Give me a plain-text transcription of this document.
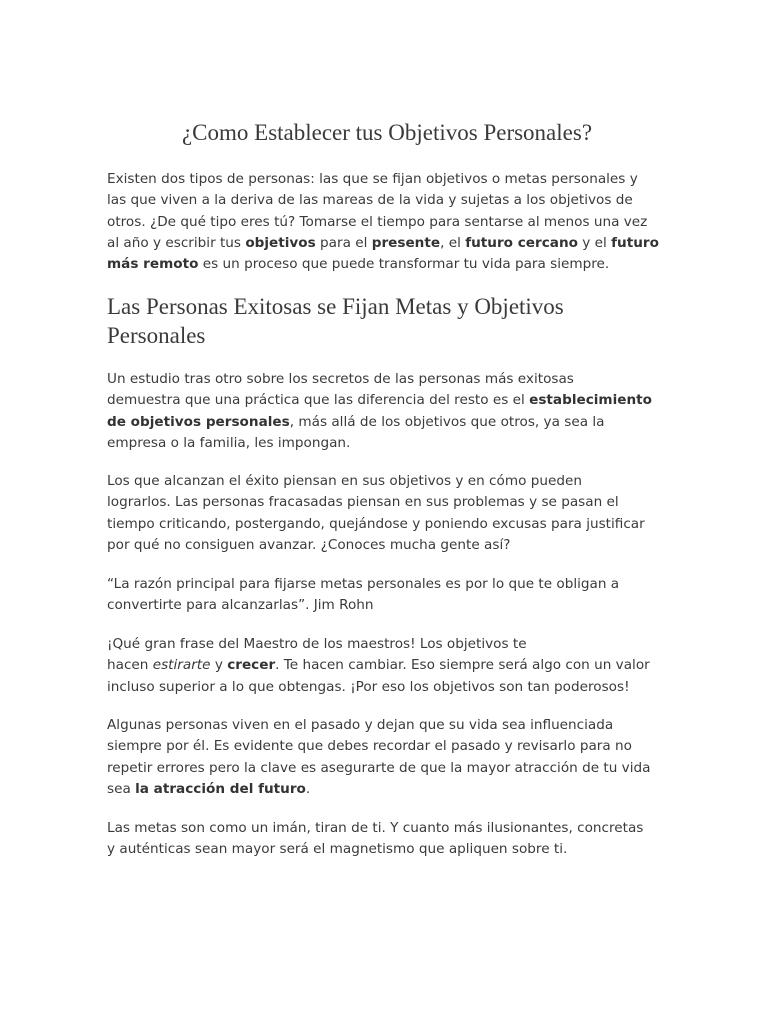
¿Como Establecer tus Objetivos Personales?

Existen dos tipos de personas: las que se fijan objetivos o metas personales y
las que viven a la deriva de las mareas de la vida y sujetas a los objetivos de
otros. ¿De qué tipo eres tú? Tomarse el tiempo para sentarse al menos una vez
al año y escribir tus objetivos para el presente, el futuro cercano y el futuro
más remoto es un proceso que puede transformar tu vida para siempre.

Las Personas Exitosas se Fijan Metas y Objetivos
Personales

Un estudio tras otro sobre los secretos de las personas más exitosas
demuestra que una práctica que las diferencia del resto es el establecimiento
de objetivos personales, más allá de los objetivos que otros, ya sea la
empresa o la familia, les impongan.

Los que alcanzan el éxito piensan en sus objetivos y en cómo pueden
lograrlos. Las personas fracasadas piensan en sus problemas y se pasan el
tiempo criticando, postergando, quejándose y poniendo excusas para justificar
por qué no consiguen avanzar. ¿Conoces mucha gente así?

“La razón principal para fijarse metas personales es por lo que te obligan a
convertirte para alcanzarlas”. Jim Rohn

¡Qué gran frase del Maestro de los maestros! Los objetivos te
hacen estirarte y crecer. Te hacen cambiar. Eso siempre será algo con un valor
incluso superior a lo que obtengas. ¡Por eso los objetivos son tan poderosos!

Algunas personas viven en el pasado y dejan que su vida sea influenciada
siempre por él. Es evidente que debes recordar el pasado y revisarlo para no
repetir errores pero la clave es asegurarte de que la mayor atracción de tu vida
sea la atracción del futuro.

Las metas son como un imán, tiran de ti. Y cuanto más ilusionantes, concretas
y auténticas sean mayor será el magnetismo que apliquen sobre ti.
